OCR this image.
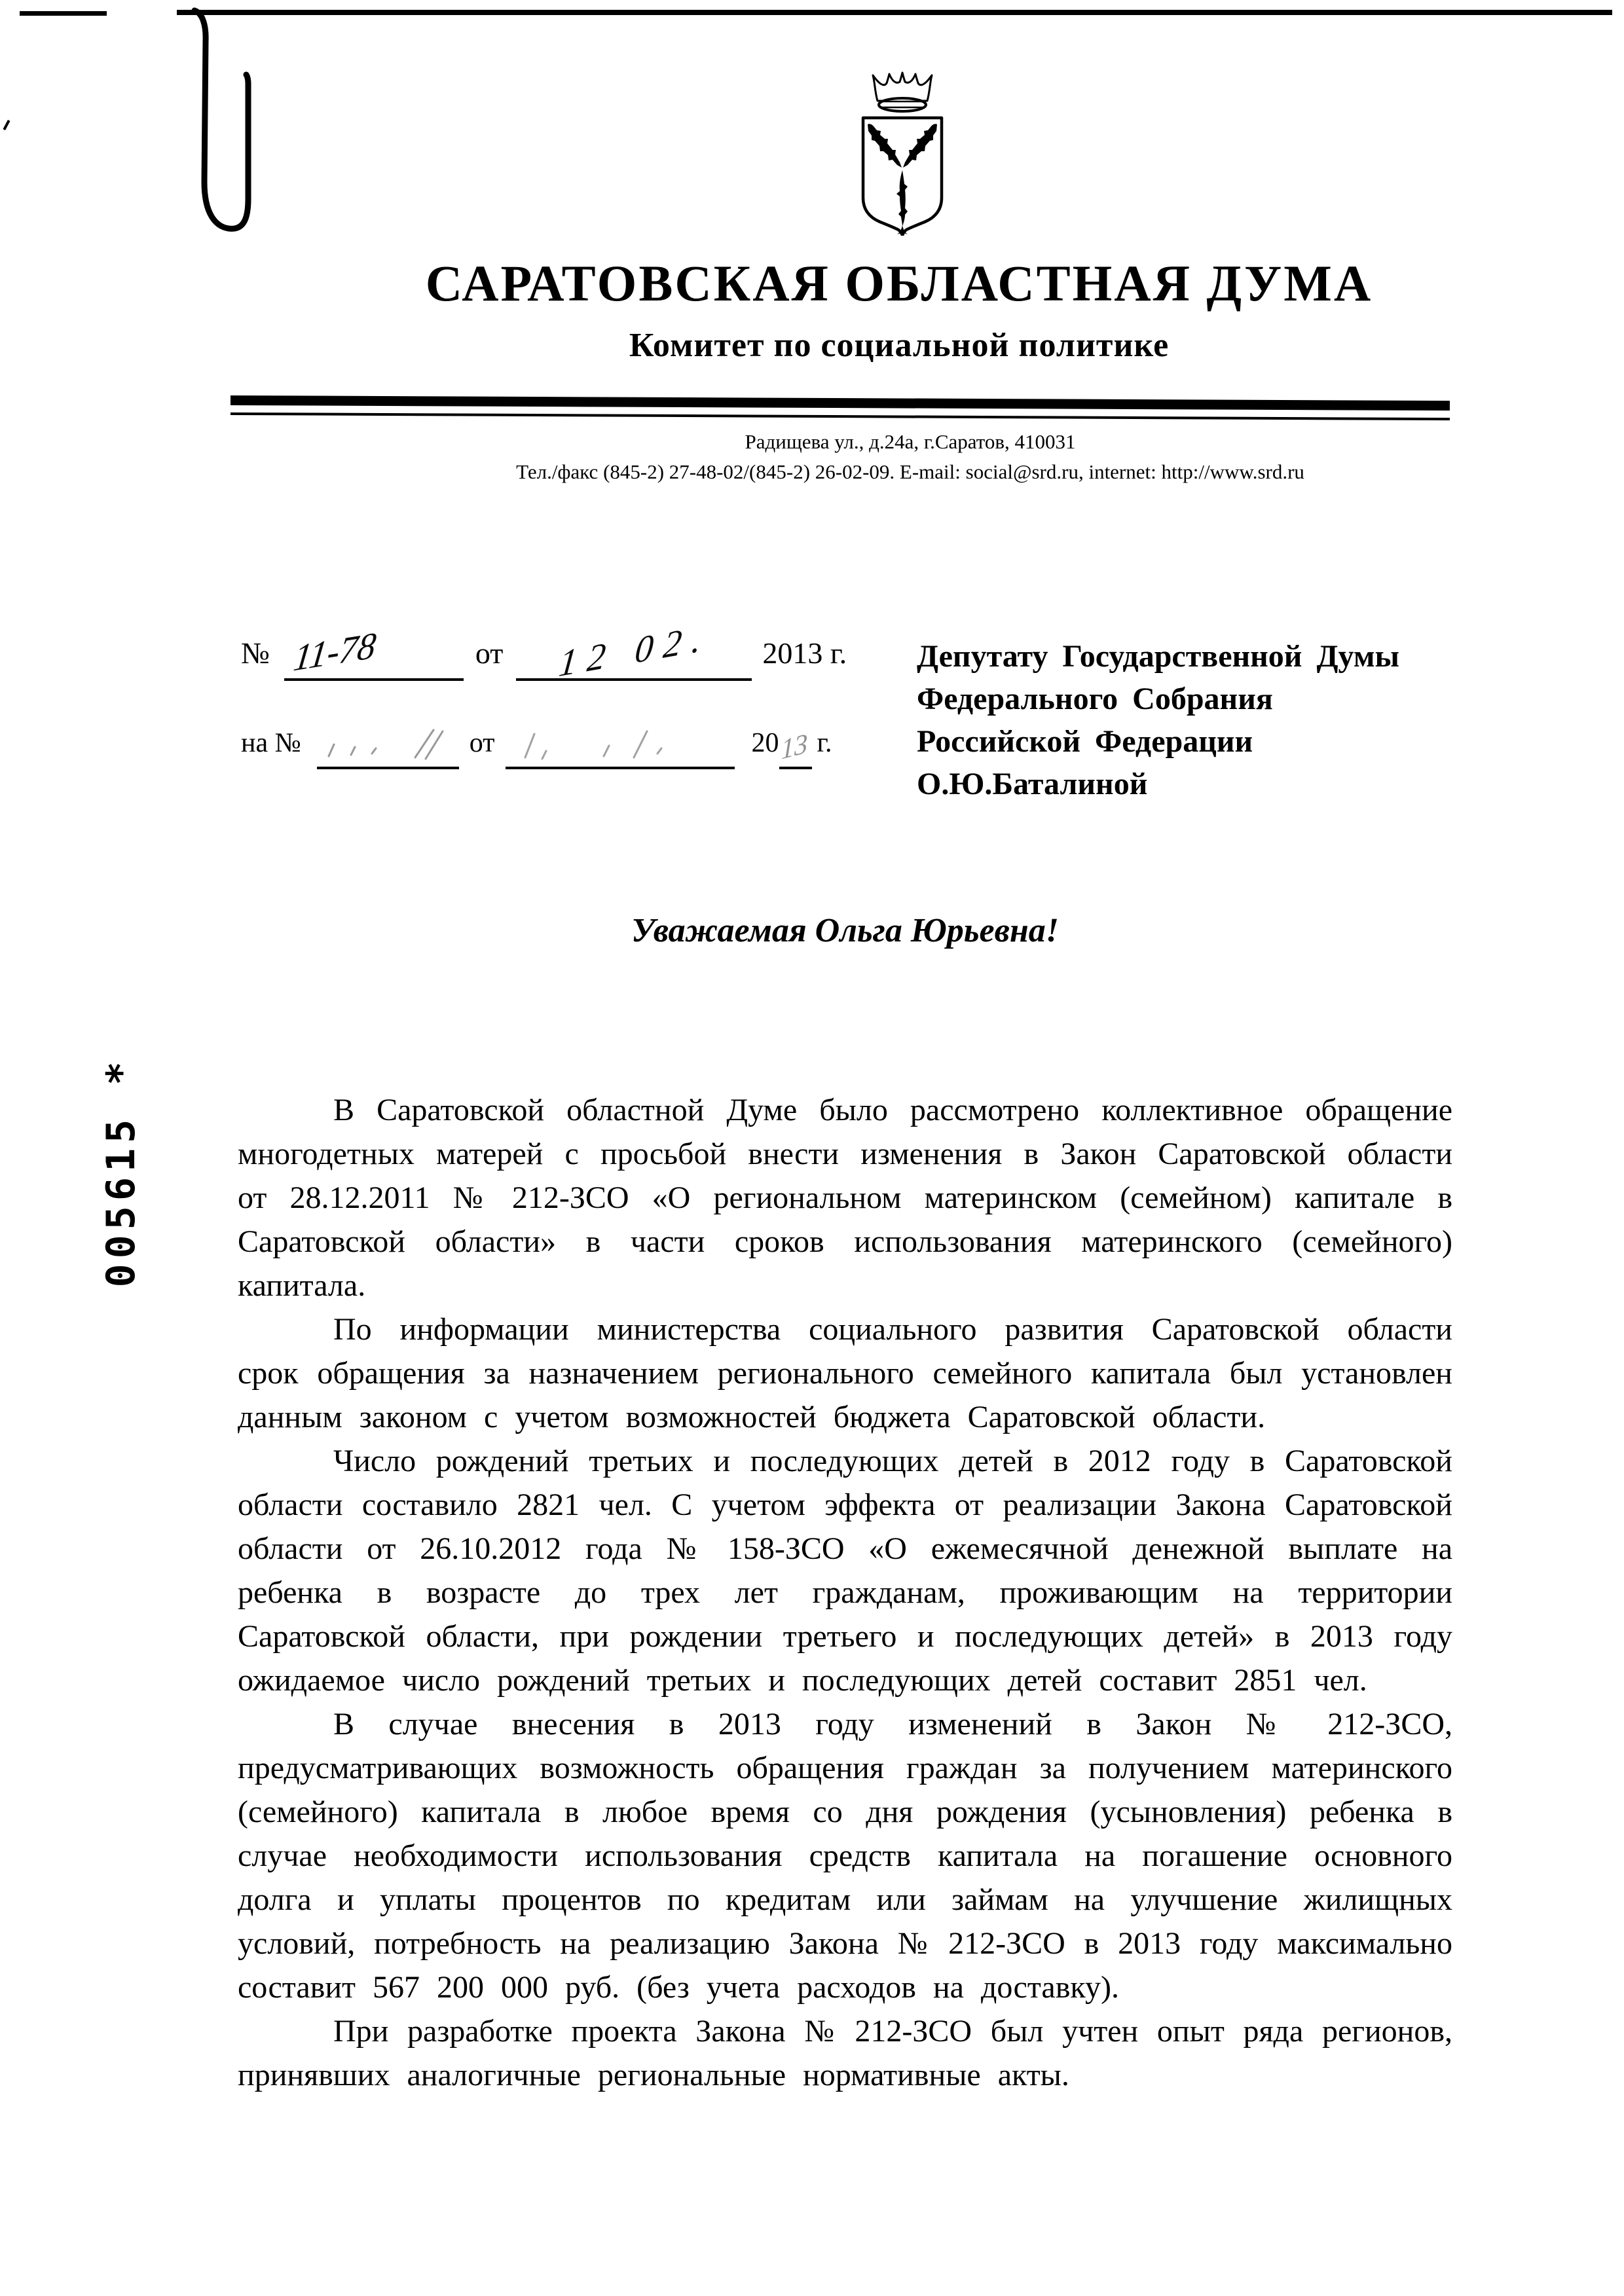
САРАТОВСКАЯ ОБЛАСТНАЯ ДУМА
Комитет по социальной политике
Радищева ул., д.24а, г.Саратов, 410031
Тел./факс (845-2) 27-48-02/(845-2) 26-02-09. E-mail: social@srd.ru, internet: http://www.srd.ru
№ 11-78	от 12 02. 2013 г.
на №	от	20 13 г.
Депутату Государственной Думы
Федерального Собрания
Российской Федерации
О.Ю.Баталиной
Уважаемая Ольга Юрьевна!

В Саратовской областной Думе было рассмотрено коллективное обращение многодетных матерей с просьбой внести изменения в Закон Саратовской области от 28.12.2011 № 212-ЗСО «О региональном материнском (семейном) капитале в Саратовской области» в части сроков использования материнского (семейного) капитала.

По информации министерства социального развития Саратовской области срок обращения за назначением регионального семейного капитала был установлен данным законом с учетом возможностей бюджета Саратовской области.

Число рождений третьих и последующих детей в 2012 году в Саратовской области составило 2821 чел. С учетом эффекта от реализации Закона Саратовской области от 26.10.2012 года № 158-ЗСО «О ежемесячной денежной выплате на ребенка в возрасте до трех лет гражданам, проживающим на территории Саратовской области, при рождении третьего и последующих детей» в 2013 году ожидаемое число рождений третьих и последующих детей составит 2851 чел.

В случае внесения в 2013 году изменений в Закон № 212-ЗСО, предусматривающих возможность обращения граждан за получением материнского (семейного) капитала в любое время со дня рождения (усыновления) ребенка в случае необходимости использования средств капитала на погашение основного долга и уплаты процентов по кредитам или займам на улучшение жилищных условий, потребность на реализацию Закона № 212-ЗСО в 2013 году максимально составит 567 200 000 руб. (без учета расходов на доставку).

При разработке проекта Закона № 212-ЗСО был учтен опыт ряда регионов, принявших аналогичные региональные нормативные акты.

005615 *
